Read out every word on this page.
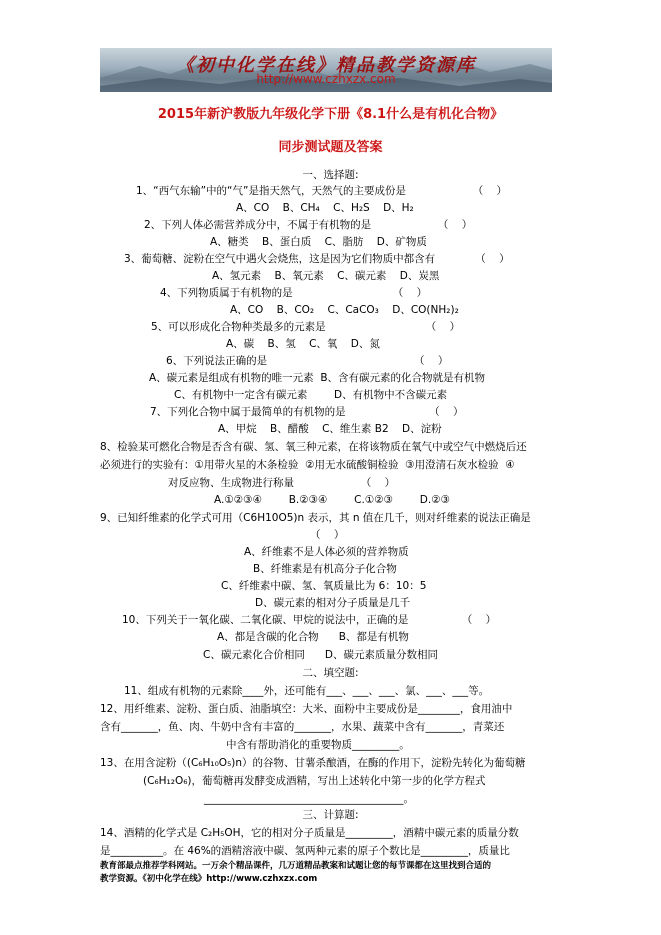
《初中化学在线》精品教学资源库
http://www.czhxzx.com
2015年新沪教版九年级化学下册《8.1什么是有机化合物》
同步测试题及答案
一、选择题:
1、“西气东输”中的“气”是指天然气，天然气的主要成份是                    （    ）
A、CO    B、CH₄    C、H₂S    D、H₂
2、下列人体必需营养成分中，不属于有机物的是                    （    ）
A、糖类    B、蛋白质    C、脂肪    D、矿物质
3、葡萄糖、淀粉在空气中遇火会烧焦，这是因为它们物质中都含有            （    ）
A、氢元素    B、氧元素    C、碳元素    D、炭黑
4、下列物质属于有机物的是                              （    ）
A、CO    B、CO₂    C、CaCO₃    D、CO(NH₂)₂
5、可以形成化合物种类最多的元素是                              （    ）
A、碳    B、氢    C、氧    D、氮
6、下列说法正确的是                                            （    ）
A、碳元素是组成有机物的唯一元素  B、含有碳元素的化合物就是有机物
C、有机物中一定含有碳元素        D、有机物中不含碳元素
7、下列化合物中属于最简单的有机物的是                         （    ）
A、甲烷    B、醋酸    C、维生素 B2    D、淀粉
8、检验某可燃化合物是否含有碳、氢、氧三种元素，在将该物质在氧气中或空气中燃烧后还
必须进行的实验有：①用带火星的木条检验  ②用无水硫酸铜检验  ③用澄清石灰水检验  ④
对反应物、生成物进行称量                    （    ）
A.①②③④        B.②③④        C.①②③        D.②③
9、已知纤维素的化学式可用（C6H10O5)n 表示，其 n 值在几千，则对纤维素的说法正确是
（    ）
A、纤维素不是人体必须的营养物质
B、纤维素是有机高分子化合物
C、纤维素中碳、氢、氧质量比为 6：10：5
D、碳元素的相对分子质量是几千
10、下列关于一氧化碳、二氧化碳、甲烷的说法中，正确的是                （    ）
A、都是含碳的化合物      B、都是有机物
C、碳元素化合价相同      D、碳元素质量分数相同
二、填空题:
11、组成有机物的元素除____外，还可能有___、___、___、氯、___、___等。
12、用纤维素、淀粉、蛋白质、油脂填空：大米、面粉中主要成份是________，食用油中
含有_______，鱼、肉、牛奶中含有丰富的_______，水果、蔬菜中含有_______，青菜还
中含有帮助消化的重要物质_________。
13、在用含淀粉（(C₆H₁₀O₅)n）的谷物、甘薯杀酿酒，在酶的作用下，淀粉先转化为葡萄糖
(C₆H₁₂O₆)，葡萄糖再发酵变成酒精，写出上述转化中第一步的化学方程式
______________________________________。
三、计算题:
14、酒精的化学式是 C₂H₅OH，它的相对分子质量是_________，酒精中碳元素的质量分数
是__________。在 46%的酒精溶液中碳、氢两种元素的原子个数比是_________，质量比
教育部最点推荐学科网站。一万余个精品课件，几万道精品教案和试题让您的每节课都在这里找到合适的
教学资源。《初中化学在线》http://www.czhxzx.com
